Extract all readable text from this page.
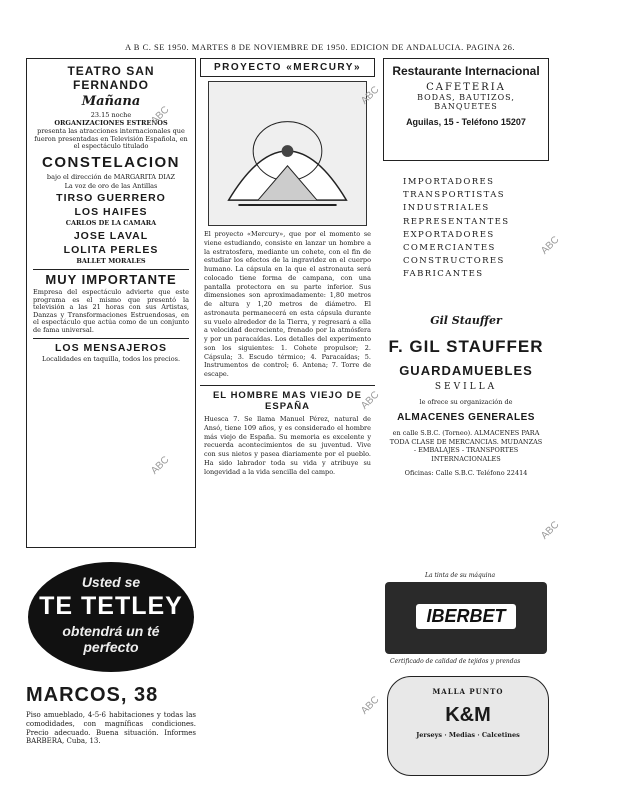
A B C. SE 1950. MARTES 8 DE NOVIEMBRE DE 1950. EDICION DE ANDALUCIA. PAGINA 26.
TEATRO SAN FERNANDO
Mañana
23.15 noche
ORGANIZACIONES ESTRENOS
presenta las atracciones internacionales que fueron presentadas en Televisión Española, en el espectáculo titulado
CONSTELACION
bajo el dirección de MARGARITA DIAZ
La voz de oro de las Antillas
TIRSO GUERRERO
LOS HAIFES
CARLOS DE LA CAMARA
JOSE LAVAL
LOLITA PERLES
BALLET MORALES
MUY IMPORTANTE
Empresa del espectáculo advierte que este programa es el mismo que presentó la televisión a las 21 horas con sus Artistas, Danzas y Transformaciones Estruendosas, en el espectáculo que actúa como de un conjunto de fama universal.
LOS MENSAJEROS
Localidades en taquilla, todos los precios.
Usted se
TE TETLEY
obtendrá un té
perfecto
MARCOS, 38
Piso amueblado, 4-5-6 habitaciones y todas las comodidades, con magníficas condiciones. Precio adecuado. Buena situación. Informes BARBERA, Cuba, 13.
PROYECTO «MERCURY»
El proyecto «Mercury», que por el momento se viene estudiando, consiste en lanzar un hombre a la estratosfera, mediante un cohete, con el fin de estudiar los efectos de la ingravidez en el cuerpo humano. La cápsula en la que el astronauta será colocado tiene forma de campana, con una pantalla protectora en su parte inferior. Sus dimensiones son aproximadamente: 1,80 metros de altura y 1,20 metros de diámetro. El astronauta permanecerá en esta cápsula durante su vuelo alrededor de la Tierra, y regresará a ella a velocidad decreciente, frenado por la atmósfera y por un paracaídas. Los detalles del experimento son los siguientes: 1. Cohete propulsor; 2. Cápsula; 3. Escudo térmico; 4. Paracaídas; 5. Instrumentos de control; 6. Antena; 7. Torre de escape.
EL HOMBRE MAS VIEJO DE ESPAÑA
Huesca 7. Se llama Manuel Pérez, natural de Ansó, tiene 109 años, y es considerado el hombre más viejo de España. Su memoria es excelente y recuerda acontecimientos de su juventud. Vive con sus nietos y pasea diariamente por el pueblo. Ha sido labrador toda su vida y atribuye su longevidad a la vida sencilla del campo.
Restaurante Internacional
CAFETERIA
BODAS, BAUTIZOS,
BANQUETES
Aguilas, 15 - Teléfono 15207
IMPORTADORES
TRANSPORTISTAS
INDUSTRIALES
REPRESENTANTES
EXPORTADORES
COMERCIANTES
CONSTRUCTORES
FABRICANTES
Gil Stauffer
F. GIL STAUFFER
GUARDAMUEBLES
SEVILLA
le ofrece su organización de
ALMACENES GENERALES
en calle S.B.C. (Torneo). ALMACENES PARA TODA CLASE DE MERCANCIAS. MUDANZAS - EMBALAJES - TRANSPORTES INTERNACIONALES
Oficinas: Calle S.B.C. Teléfono 22414
La tinta de su máquina
IBERBET
Certificado de calidad de tejidos y prendas
MALLA PUNTO
K&M
Jerseys · Medias · Calcetines
ABC
ABC
ABC
ABC
ABC
ABC
ABC
